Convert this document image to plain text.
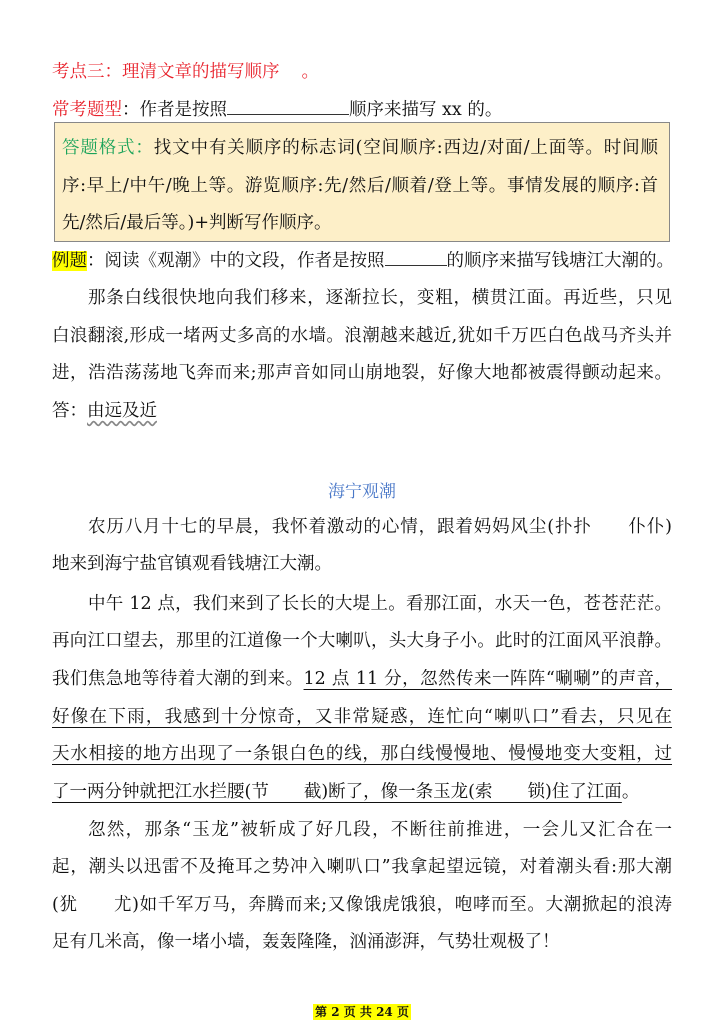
考点三：理清文章的描写顺序 。
常考题型：作者是按照	顺序来描写 xx 的。
答题格式：找文中有关顺序的标志词(空间顺序:西边/对面/上面等。时间顺
序:早上/中午/晚上等。游览顺序:先/然后/顺着/登上等。事情发展的顺序:首
先/然后/最后等。)+判断写作顺序。
例题：阅读《观潮》中的文段，作者是按照	的顺序来描写钱塘江大潮的。
那条白线很快地向我们移来，逐渐拉长，变粗，横贯江面。再近些，只见
白浪翻滚,形成一堵两丈多高的水墙。浪潮越来越近,犹如千万匹白色战马齐头并
进，浩浩荡荡地飞奔而来;那声音如同山崩地裂，好像大地都被震得颤动起来。
答：由远及近
海宁观潮
农历八月十七的早晨，我怀着激动的心情，跟着妈妈风尘(扑扑　　仆仆)
地来到海宁盐官镇观看钱塘江大潮。
中午 12 点，我们来到了长长的大堤上。看那江面，水天一色，苍苍茫茫。
再向江口望去，那里的江道像一个大喇叭，头大身子小。此时的江面风平浪静。
我们焦急地等待着大潮的到来。12 点 11 分，忽然传来一阵阵“唰唰”的声音，
好像在下雨，我感到十分惊奇，又非常疑惑，连忙向“喇叭口”看去，只见在
天水相接的地方出现了一条银白色的线，那白线慢慢地、慢慢地变大变粗，过
了一两分钟就把江水拦腰(节　　截)断了，像一条玉龙(索　　锁)住了江面。
忽然，那条“玉龙”被斩成了好几段，不断往前推进，一会儿又汇合在一
起，潮头以迅雷不及掩耳之势冲入喇叭口”我拿起望远镜，对着潮头看:那大潮
(犹　　尤)如千军万马，奔腾而来;又像饿虎饿狼，咆哮而至。大潮掀起的浪涛
足有几米高，像一堵小墙，轰轰隆隆，汹涌澎湃，气势壮观极了！
第 2 页 共 24 页
